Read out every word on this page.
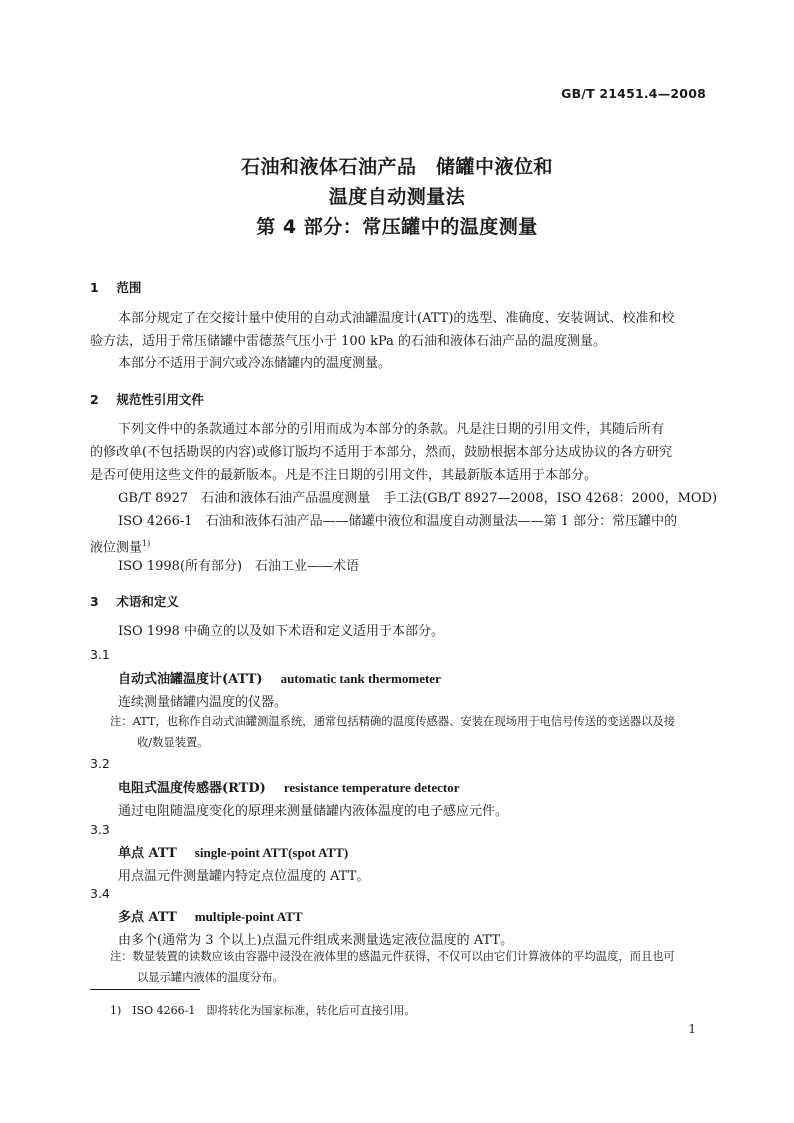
GB/T 21451.4—2008
石油和液体石油产品　储罐中液位和
温度自动测量法
第 4 部分：常压罐中的温度测量
1 范围
本部分规定了在交接计量中使用的自动式油罐温度计(ATT)的选型、准确度、安装调试、校准和校
验方法，适用于常压储罐中雷德蒸气压小于 100 kPa 的石油和液体石油产品的温度测量。
本部分不适用于洞穴或冷冻储罐内的温度测量。
2 规范性引用文件
下列文件中的条款通过本部分的引用而成为本部分的条款。凡是注日期的引用文件，其随后所有
的修改单(不包括勘误的内容)或修订版均不适用于本部分，然而，鼓励根据本部分达成协议的各方研究
是否可使用这些文件的最新版本。凡是不注日期的引用文件，其最新版本适用于本部分。
GB/T 8927　石油和液体石油产品温度测量　手工法(GB/T 8927—2008，ISO 4268：2000，MOD)
ISO 4266-1　石油和液体石油产品——储罐中液位和温度自动测量法——第 1 部分：常压罐中的
液位测量$^{1)}$
ISO 1998(所有部分)　石油工业——术语
3 术语和定义
ISO 1998 中确立的以及如下术语和定义适用于本部分。
3.1
自动式油罐温度计(ATT) automatic tank thermometer
连续测量储罐内温度的仪器。
注：ATT，也称作自动式油罐测温系统，通常包括精确的温度传感器、安装在现场用于电信号传送的变送器以及接
收/数显装置。
3.2
电阻式温度传感器(RTD) resistance temperature detector
通过电阻随温度变化的原理来测量储罐内液体温度的电子感应元件。
3.3
单点 ATT single-point ATT(spot ATT)
用点温元件测量罐内特定点位温度的 ATT。
3.4
多点 ATT multiple-point ATT
由多个(通常为 3 个以上)点温元件组成来测量选定液位温度的 ATT。
注：数显装置的读数应该由容器中浸没在液体里的感温元件获得，不仅可以由它们计算液体的平均温度，而且也可
以显示罐内液体的温度分布。
1)　ISO 4266-1　即将转化为国家标准，转化后可直接引用。
1
